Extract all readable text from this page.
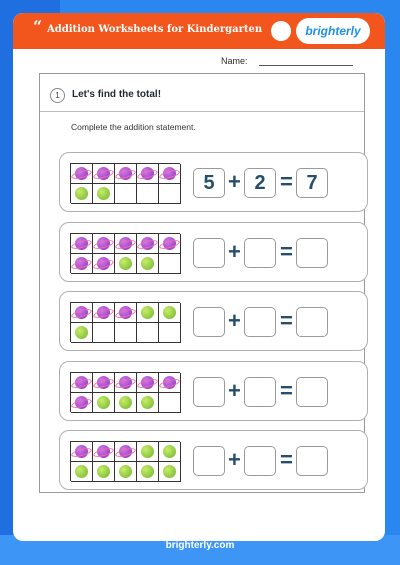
“ Addition Worksheets for Kindergarten	brighterly
Name:
1	Let's find the total!
Complete the addition statement.
5 + 2 = 7
+ =
+ =
+ =
+ =
brighterly.com
